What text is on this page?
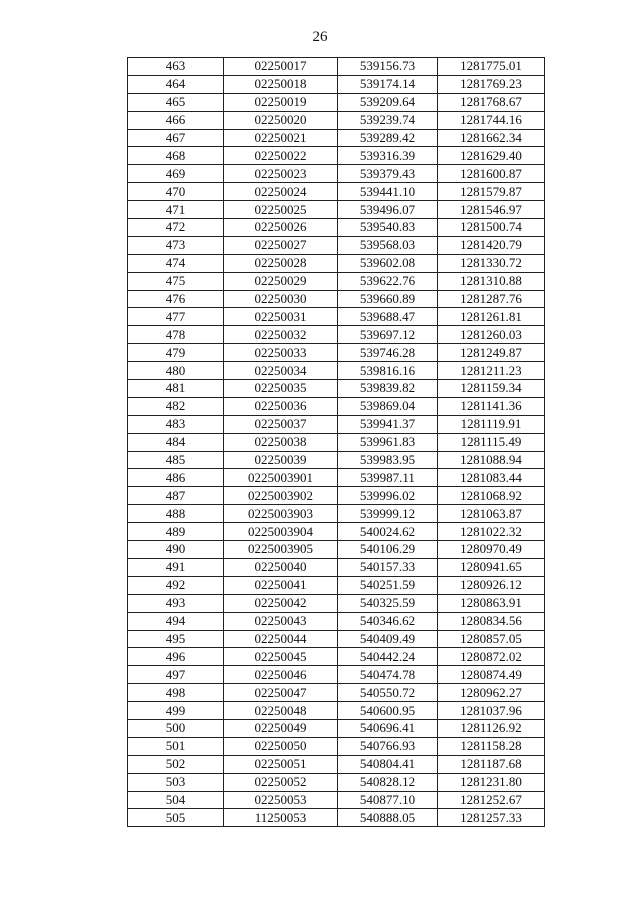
26
463	02250017	539156.73	1281775.01
464	02250018	539174.14	1281769.23
465	02250019	539209.64	1281768.67
466	02250020	539239.74	1281744.16
467	02250021	539289.42	1281662.34
468	02250022	539316.39	1281629.40
469	02250023	539379.43	1281600.87
470	02250024	539441.10	1281579.87
471	02250025	539496.07	1281546.97
472	02250026	539540.83	1281500.74
473	02250027	539568.03	1281420.79
474	02250028	539602.08	1281330.72
475	02250029	539622.76	1281310.88
476	02250030	539660.89	1281287.76
477	02250031	539688.47	1281261.81
478	02250032	539697.12	1281260.03
479	02250033	539746.28	1281249.87
480	02250034	539816.16	1281211.23
481	02250035	539839.82	1281159.34
482	02250036	539869.04	1281141.36
483	02250037	539941.37	1281119.91
484	02250038	539961.83	1281115.49
485	02250039	539983.95	1281088.94
486	0225003901	539987.11	1281083.44
487	0225003902	539996.02	1281068.92
488	0225003903	539999.12	1281063.87
489	0225003904	540024.62	1281022.32
490	0225003905	540106.29	1280970.49
491	02250040	540157.33	1280941.65
492	02250041	540251.59	1280926.12
493	02250042	540325.59	1280863.91
494	02250043	540346.62	1280834.56
495	02250044	540409.49	1280857.05
496	02250045	540442.24	1280872.02
497	02250046	540474.78	1280874.49
498	02250047	540550.72	1280962.27
499	02250048	540600.95	1281037.96
500	02250049	540696.41	1281126.92
501	02250050	540766.93	1281158.28
502	02250051	540804.41	1281187.68
503	02250052	540828.12	1281231.80
504	02250053	540877.10	1281252.67
505	11250053	540888.05	1281257.33
